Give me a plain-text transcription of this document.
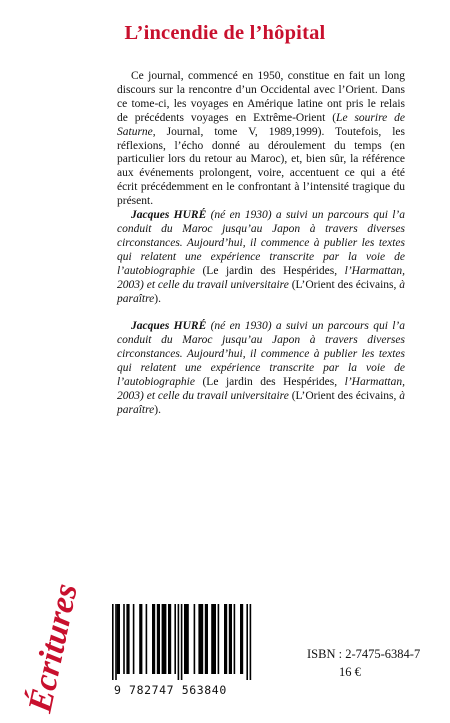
L’incendie de l’hôpital

Ce journal, commencé en 1950, constitue en fait un long discours sur la rencontre d’un Occidental avec l’Orient. Dans ce tome-ci, les voyages en Amérique latine ont pris le relais de précédents voyages en Extrême-Orient (Le sourire de Saturne, Journal, tome V, 1989,1999). Toutefois, les réflexions, l’écho donné au déroulement du temps (en particulier lors du retour au Maroc), et, bien sûr, la référence aux événements prolongent, voire, accentuent ce qui a été écrit précédemment en le confrontant à l’intensité tragique du présent.

Jacques HURÉ (né en 1930) a suivi un parcours qui l’a conduit du Maroc jusqu’au Japon à travers diverses circonstances. Aujourd’hui, il commence à publier les textes qui relatent une expérience transcrite par la voie de l’autobiographie (Le jardin des Hespérides, l’Harmattan, 2003) et celle du travail universitaire (L’Orient des écivains, à paraître).

Jacques HURÉ (né en 1930) a suivi un parcours qui l’a conduit du Maroc jusqu’au Japon à travers diverses circonstances. Aujourd’hui, il commence à publier les textes qui relatent une expérience transcrite par la voie de l’autobiographie (Le jardin des Hespérides, l’Harmattan, 2003) et celle du travail universitaire (L’Orient des écivains, à paraître).

Écritures	9 782747 563840
ISBN : 2-7475-6384-7
16 €
